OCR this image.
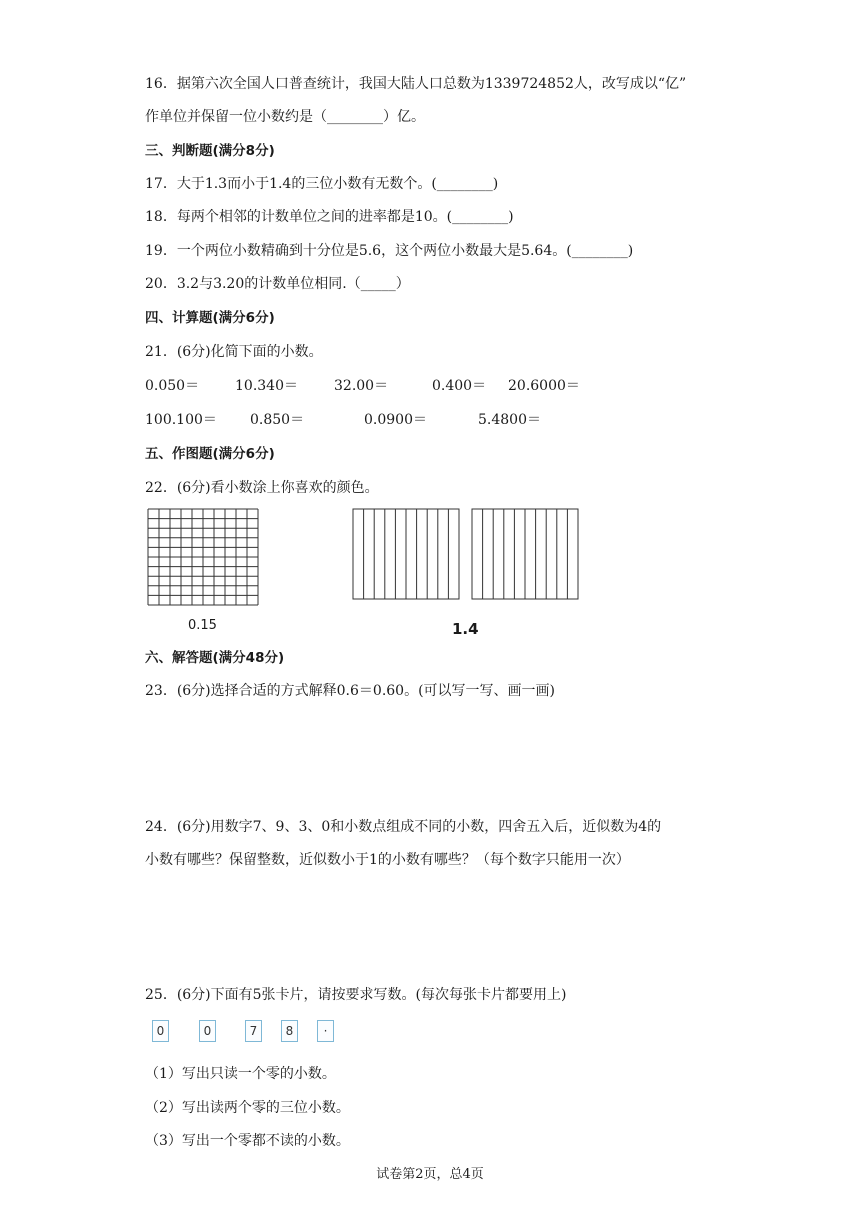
16．据第六次全国人口普查统计，我国大陆人口总数为1339724852人，改写成以“亿”
作单位并保留一位小数约是（________）亿。
三、判断题(满分8分)
17．大于1.3而小于1.4的三位小数有无数个。(________)
18．每两个相邻的计数单位之间的进率都是10。(________)
19．一个两位小数精确到十分位是5.6，这个两位小数最大是5.64。(________)
20．3.2与3.20的计数单位相同.（_____）
四、计算题(满分6分)
21．(6分)化简下面的小数。
0.050＝	10.340＝	32.00＝	0.400＝ 20.6000＝
100.100＝ 0.850＝	0.0900＝	5.4800＝
五、作图题(满分6分)
22．(6分)看小数涂上你喜欢的颜色。
0.15	1.4
六、解答题(满分48分)
23．(6分)选择合适的方式解释0.6＝0.60。(可以写一写、画一画)
24．(6分)用数字7、9、3、0和小数点组成不同的小数，四舍五入后，近似数为4的
小数有哪些？保留整数，近似数小于1的小数有哪些？（每个数字只能用一次）
25．(6分)下面有5张卡片，请按要求写数。(每次每张卡片都要用上)
0	0	7	8	·
（1）写出只读一个零的小数。
（2）写出读两个零的三位小数。
（3）写出一个零都不读的小数。
试卷第2页，总4页
